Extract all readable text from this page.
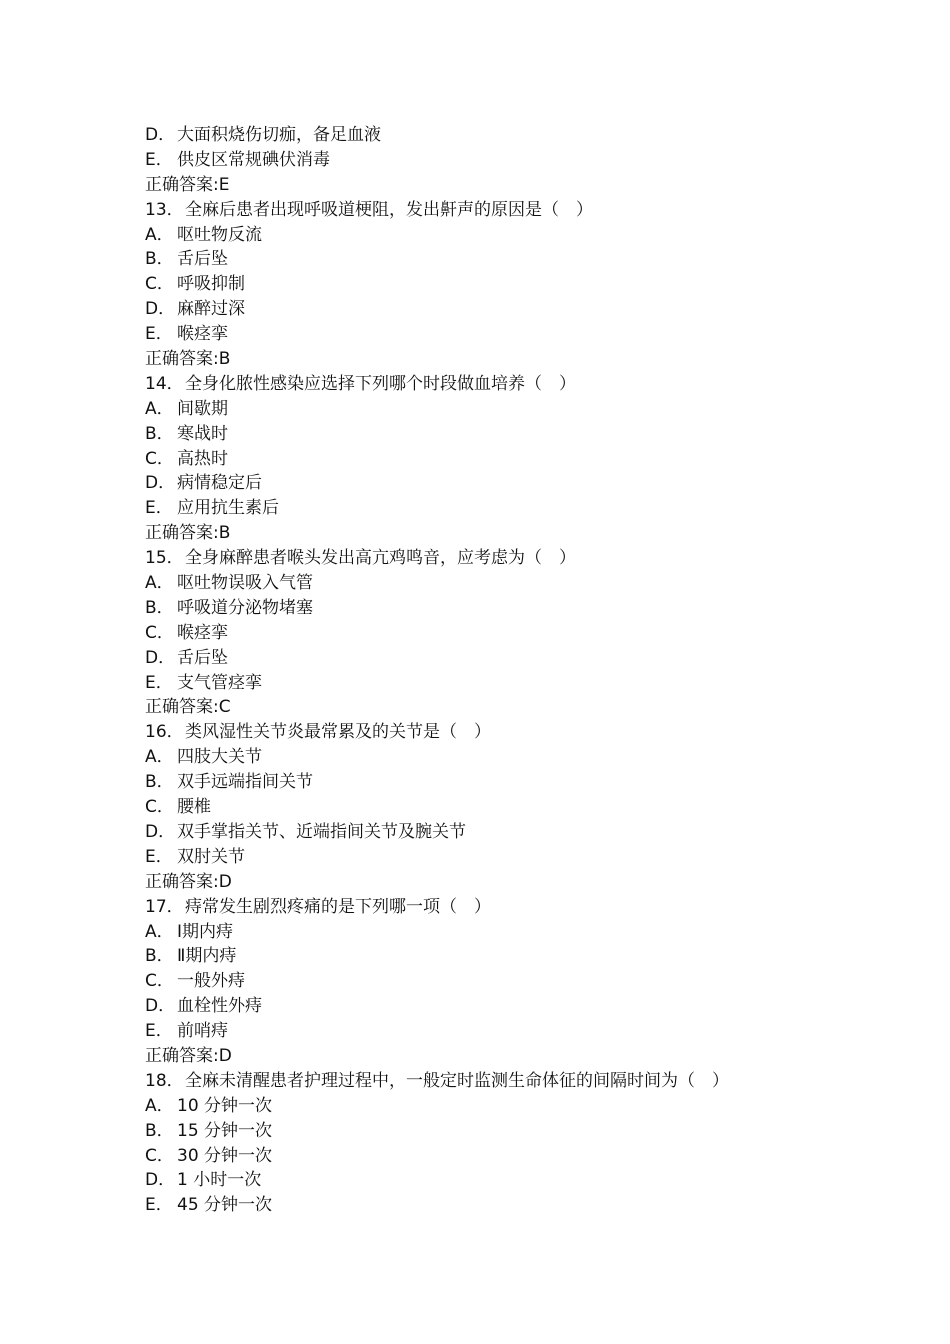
D． 大面积烧伤切痂，备足血液
E． 供皮区常规碘伏消毒
正确答案:E
13．全麻后患者出现呼吸道梗阻，发出鼾声的原因是（　）
A． 呕吐物反流
B． 舌后坠
C． 呼吸抑制
D． 麻醉过深
E． 喉痉挛
正确答案:B
14．全身化脓性感染应选择下列哪个时段做血培养（　）
A． 间歇期
B． 寒战时
C． 高热时
D． 病情稳定后
E． 应用抗生素后
正确答案:B
15．全身麻醉患者喉头发出高亢鸡鸣音，应考虑为（　）
A． 呕吐物误吸入气管
B． 呼吸道分泌物堵塞
C． 喉痉挛
D． 舌后坠
E． 支气管痉挛
正确答案:C
16．类风湿性关节炎最常累及的关节是（　）
A． 四肢大关节
B． 双手远端指间关节
C． 腰椎
D． 双手掌指关节、近端指间关节及腕关节
E． 双肘关节
正确答案:D
17．痔常发生剧烈疼痛的是下列哪一项（　）
A． Ⅰ期内痔
B． Ⅱ期内痔
C． 一般外痔
D． 血栓性外痔
E． 前哨痔
正确答案:D
18．全麻未清醒患者护理过程中，一般定时监测生命体征的间隔时间为（　）
A． 10 分钟一次
B． 15 分钟一次
C． 30 分钟一次
D． 1 小时一次
E． 45 分钟一次
